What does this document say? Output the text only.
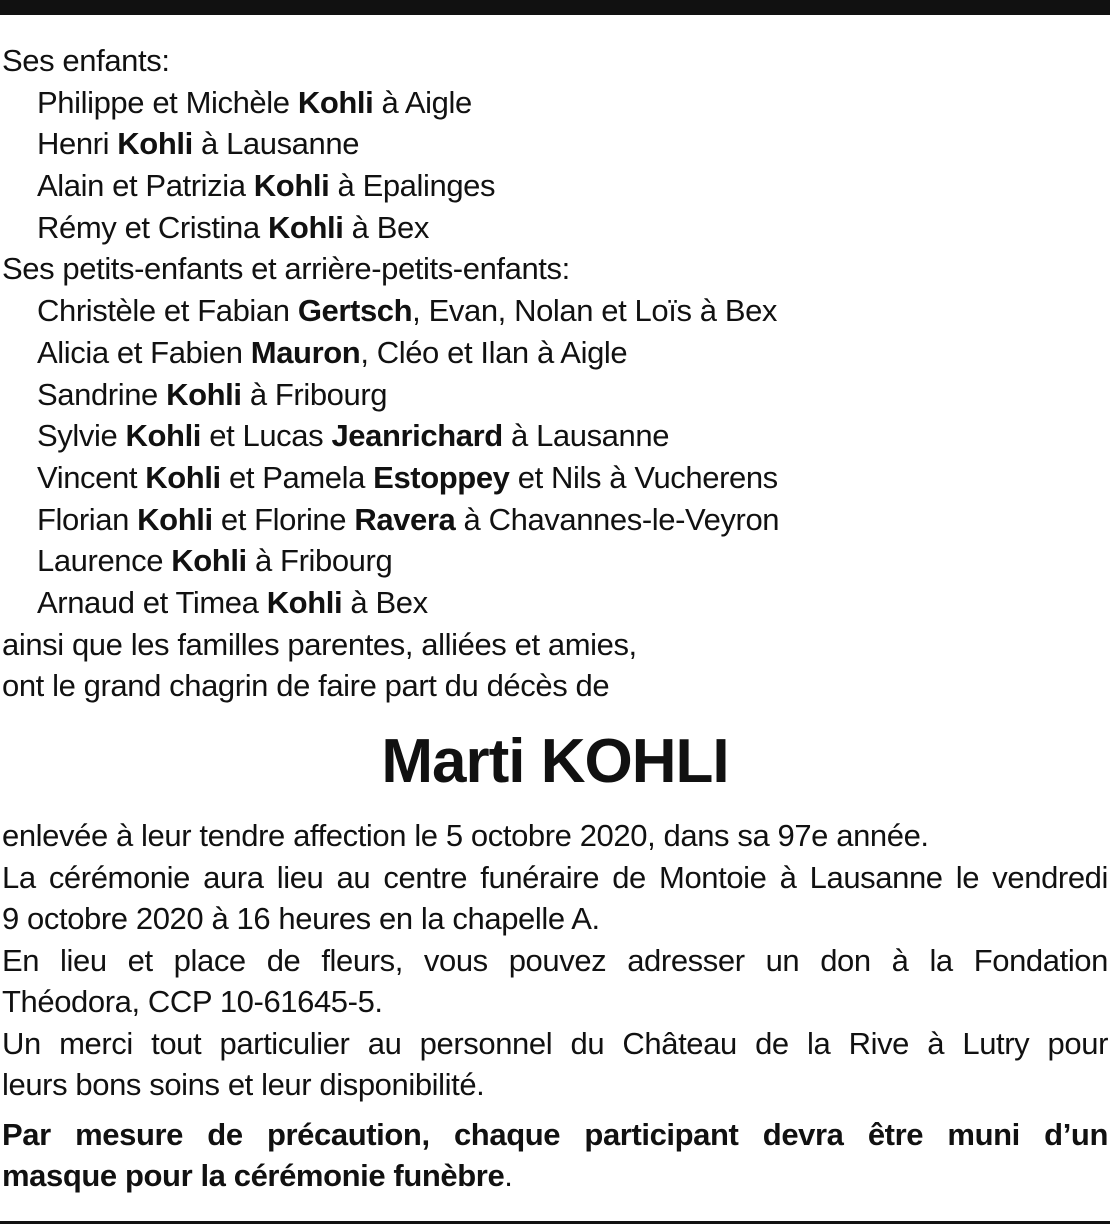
Ses enfants:
Philippe et Michèle Kohli à Aigle
Henri Kohli à Lausanne
Alain et Patrizia Kohli à Epalinges
Rémy et Cristina Kohli à Bex
Ses petits-enfants et arrière-petits-enfants:
Christèle et Fabian Gertsch, Evan, Nolan et Loïs à Bex
Alicia et Fabien Mauron, Cléo et Ilan à Aigle
Sandrine Kohli à Fribourg
Sylvie Kohli et Lucas Jeanrichard à Lausanne
Vincent Kohli et Pamela Estoppey et Nils à Vucherens
Florian Kohli et Florine Ravera à Chavannes-le-Veyron
Laurence Kohli à Fribourg
Arnaud et Timea Kohli à Bex
ainsi que les familles parentes, alliées et amies,
ont le grand chagrin de faire part du décès de
Marti KOHLI
enlevée à leur tendre affection le 5 octobre 2020, dans sa 97e année.
La cérémonie aura lieu au centre funéraire de Montoie à Lausanne le vendredi
9 octobre 2020 à 16 heures en la chapelle A.
En lieu et place de fleurs, vous pouvez adresser un don à la Fondation
Théodora, CCP 10-61645-5.
Un merci tout particulier au personnel du Château de la Rive à Lutry pour
leurs bons soins et leur disponibilité.
Par mesure de précaution, chaque participant devra être muni d’un
masque pour la cérémonie funèbre.
